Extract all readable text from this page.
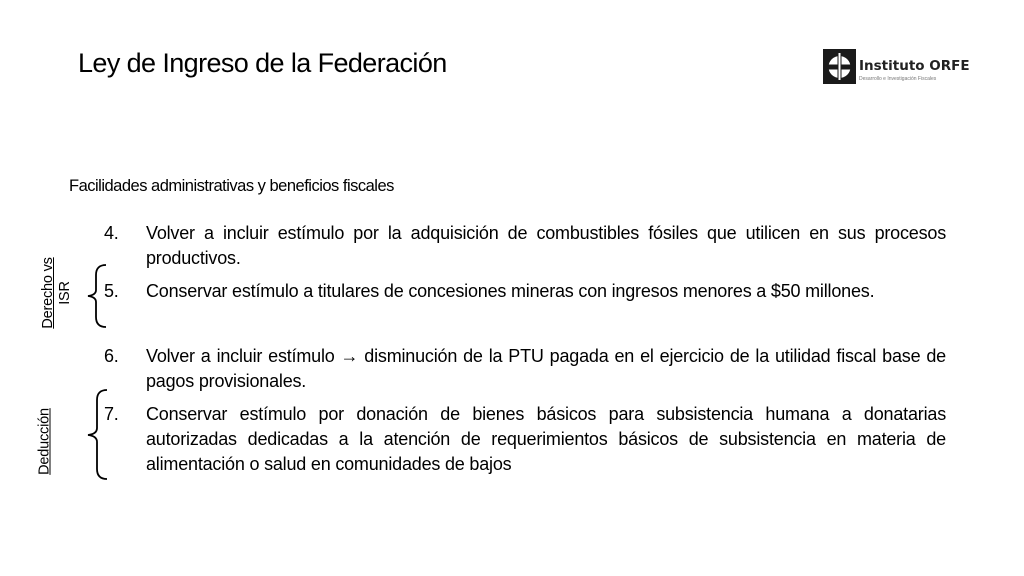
Ley de Ingreso de la Federación	Instituto ORFE
Desarrollo e Investigación Fiscales
Facilidades administrativas y beneficios fiscales
Derecho vs ISR
Deducción
4. Volver a incluir estímulo por la adquisición de combustibles fósiles que utilicen en sus procesos productivos.
5. Conservar estímulo a titulares de concesiones mineras con ingresos menores a $50 millones.
6. Volver a incluir estímulo → disminución de la PTU pagada en el ejercicio de la utilidad fiscal base de pagos provisionales.
7. Conservar estímulo por donación de bienes básicos para subsistencia humana a donatarias autorizadas dedicadas a la atención de requerimientos básicos de subsistencia en materia de alimentación o salud en comunidades de bajos
